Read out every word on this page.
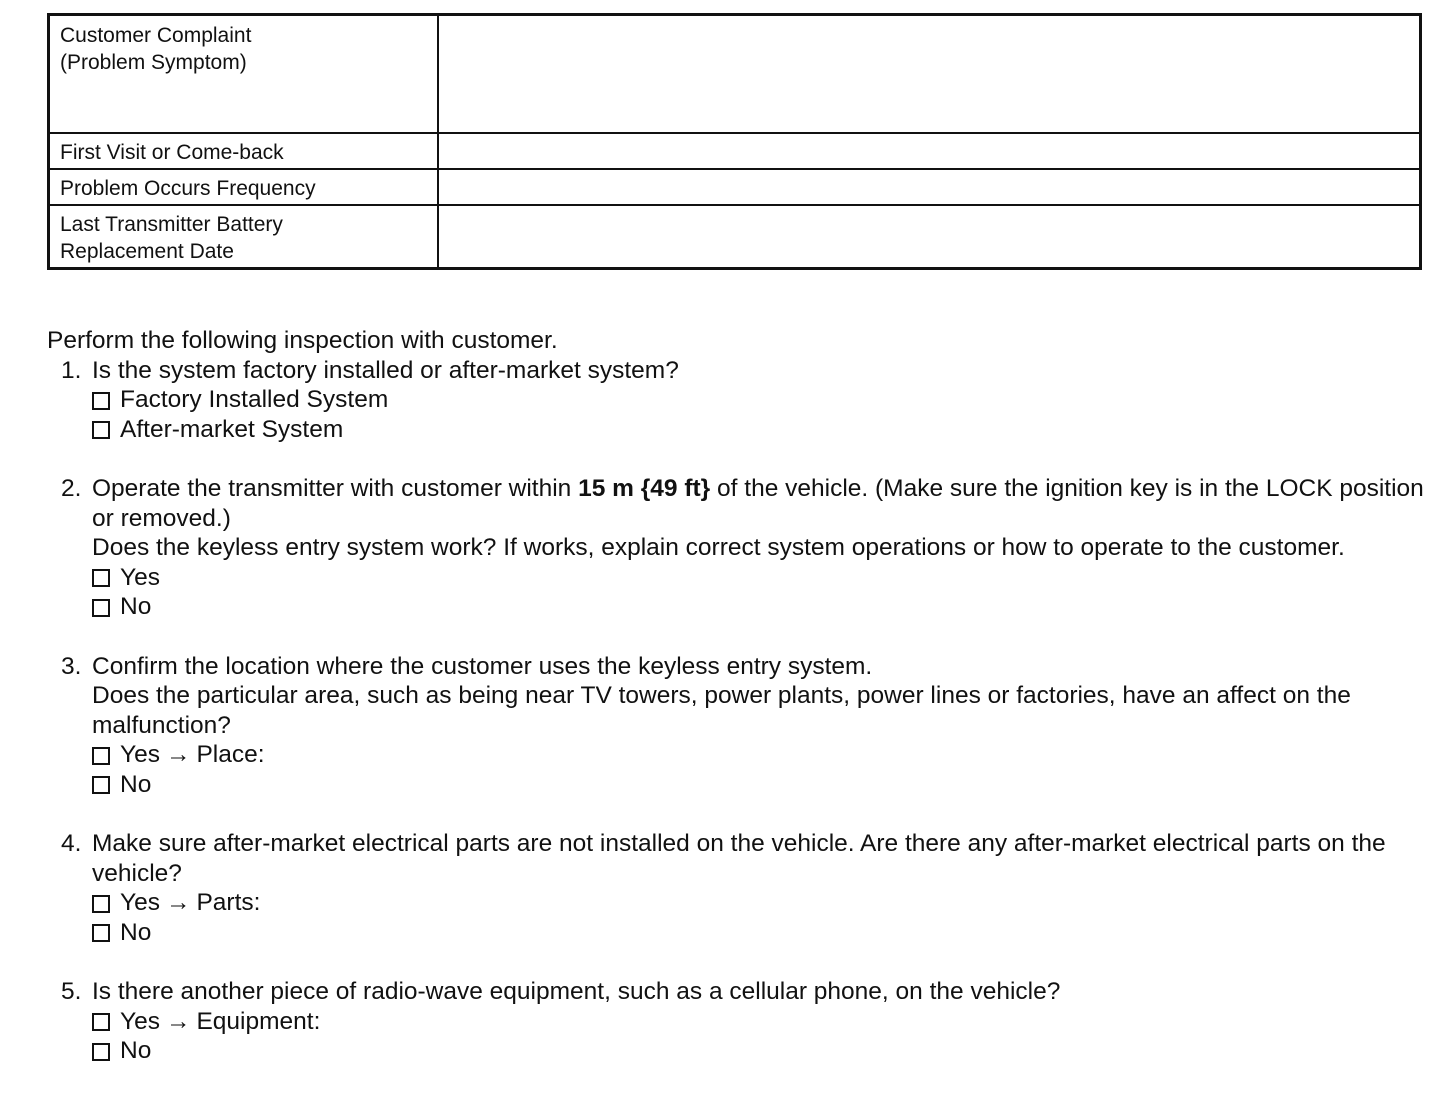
Customer Complaint
(Problem Symptom)	

First Visit or Come-back	

Problem Occurs Frequency	

Last Transmitter Battery
Replacement Date	

Perform the following inspection with customer.

1. Is the system factory installed or after-market system?
Factory Installed System
After-market System
2. Operate the transmitter with customer within 15 m {49 ft} of the vehicle. (Make sure the ignition key is in the LOCK position or removed.)
Does the keyless entry system work? If works, explain correct system operations or how to operate to the customer.
Yes
No
3. Confirm the location where the customer uses the keyless entry system.
Does the particular area, such as being near TV towers, power plants, power lines or factories, have an affect on the malfunction?
Yes → Place:
No
4. Make sure after-market electrical parts are not installed on the vehicle. Are there any after-market electrical parts on the vehicle?
Yes → Parts:
No
5. Is there another piece of radio-wave equipment, such as a cellular phone, on the vehicle?
Yes → Equipment:
No
